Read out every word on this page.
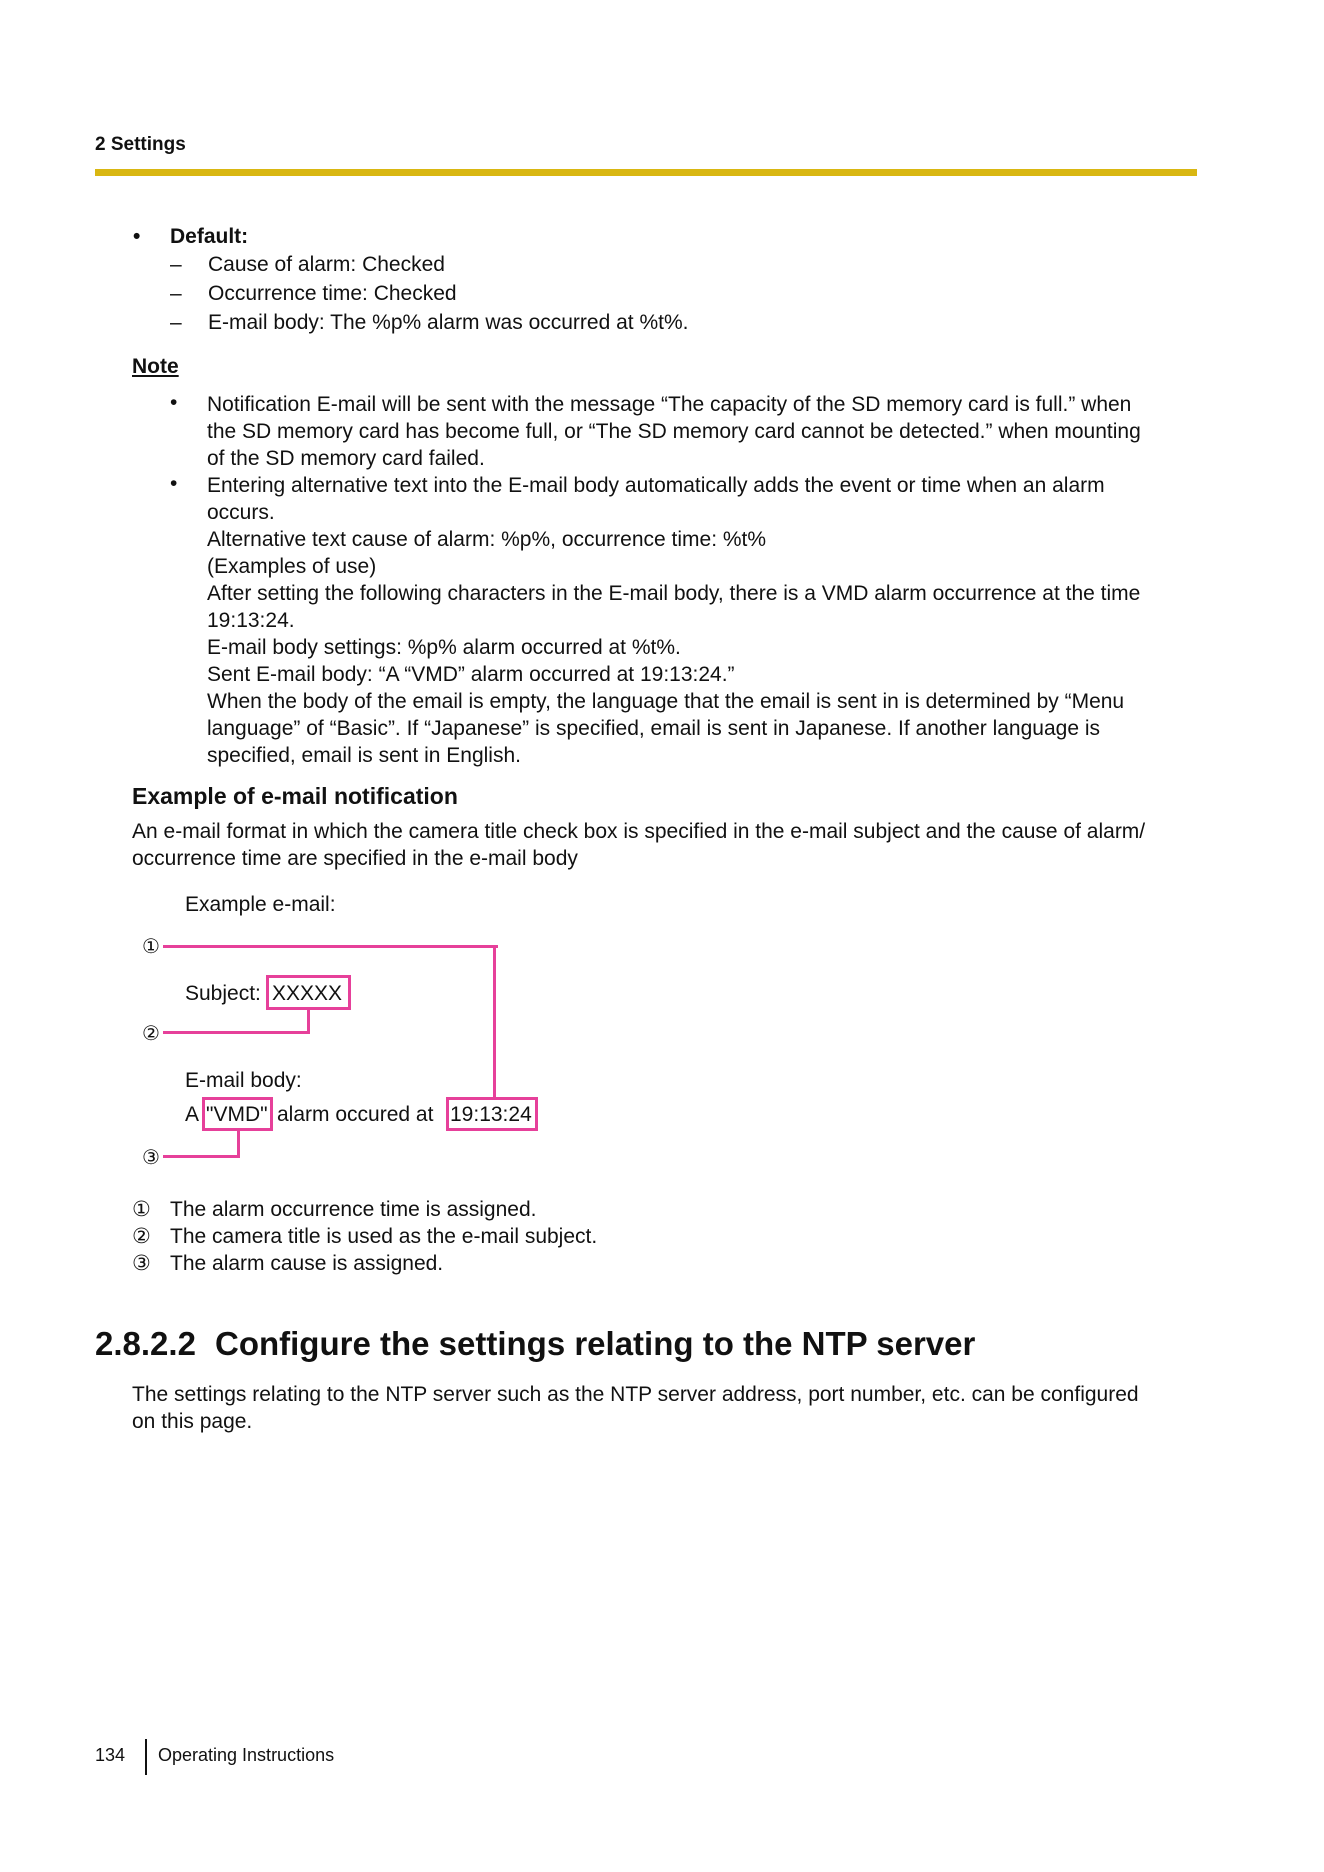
2 Settings
• Default:
– Cause of alarm: Checked
– Occurrence time: Checked
– E-mail body: The %p% alarm was occurred at %t%.
Note
• Notification E-mail will be sent with the message “The capacity of the SD memory card is full.” when
the SD memory card has become full, or “The SD memory card cannot be detected.” when mounting
of the SD memory card failed.
• Entering alternative text into the E-mail body automatically adds the event or time when an alarm
occurs.
Alternative text cause of alarm: %p%, occurrence time: %t%
(Examples of use)
After setting the following characters in the E-mail body, there is a VMD alarm occurrence at the time
19:13:24.
E-mail body settings: %p% alarm occurred at %t%.
Sent E-mail body: “A “VMD” alarm occurred at 19:13:24.”
When the body of the email is empty, the language that the email is sent in is determined by “Menu
language” of “Basic”. If “Japanese” is specified, email is sent in Japanese. If another language is
specified, email is sent in English.
Example of e-mail notification
An e-mail format in which the camera title check box is specified in the e-mail subject and the cause of alarm/
occurrence time are specified in the e-mail body
Example e-mail:
①
Subject: XXXXX
②
E-mail body:
A "VMD" alarm occured at 19:13:24
③
① The alarm occurrence time is assigned.
② The camera title is used as the e-mail subject.
③ The alarm cause is assigned.
2.8.2.2 Configure the settings relating to the NTP server
The settings relating to the NTP server such as the NTP server address, port number, etc. can be configured
on this page.
134 Operating Instructions
